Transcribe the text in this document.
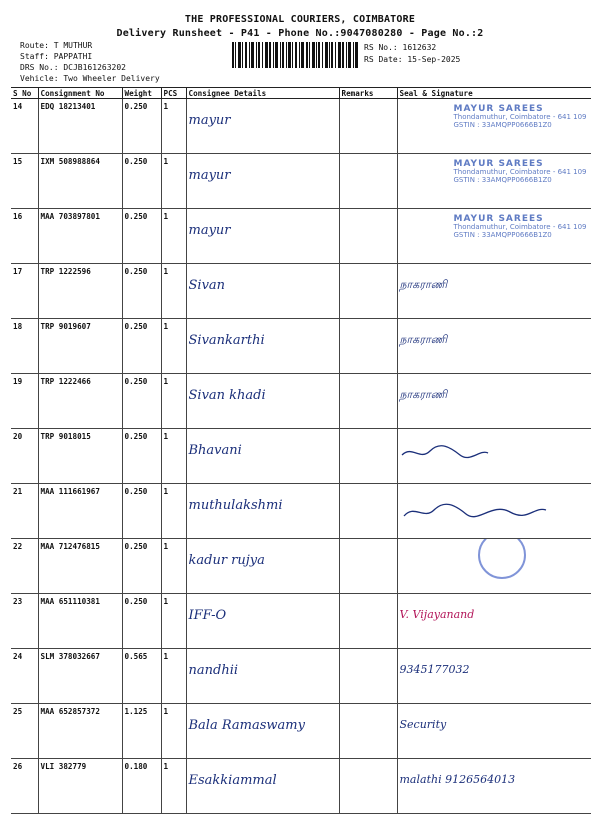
THE PROFESSIONAL COURIERS, COIMBATORE
Delivery Runsheet - P41 - Phone No.:9047080280 - Page No.:2
Route: T MUTHUR
Staff: PAPPATHI
DRS No.: DCJB161263202
Vehicle: Two Wheeler Delivery
RS No.: 1612632
RS Date: 15-Sep-2025
S No	Consignment No	Weight	PCS	Consignee Details	Remarks	Seal & Signature
14	EDQ 18213401	0.250	1	mayur		MAYUR SAREES
Thondamuthur, Coimbatore - 641 109
GSTIN : 33AMQPP0666B1Z0

15	IXM 508988864	0.250	1	mayur		MAYUR SAREES
Thondamuthur, Coimbatore - 641 109
GSTIN : 33AMQPP0666B1Z0

16	MAA 703897801	0.250	1	mayur		MAYUR SAREES
Thondamuthur, Coimbatore - 641 109
GSTIN : 33AMQPP0666B1Z0

17	TRP 1222596	0.250	1	Sivan		நாகராணி
18	TRP 9019607	0.250	1	Sivankarthi		நாகராணி
19	TRP 1222466	0.250	1	Sivan khadi		நாகராணி
20	TRP 9018015	0.250	1	Bhavani		
21	MAA 111661967	0.250	1	muthulakshmi		
22	MAA 712476815	0.250	1	kadur rujya		

23	MAA 651110381	0.250	1	IFF-O		V. Vijayanand
24	SLM 378032667	0.565	1	nandhii		9345177032
25	MAA 652857372	1.125	1	Bala Ramaswamy		Security
26	VLI 382779	0.180	1	Esakkiammal		malathi 9126564013
